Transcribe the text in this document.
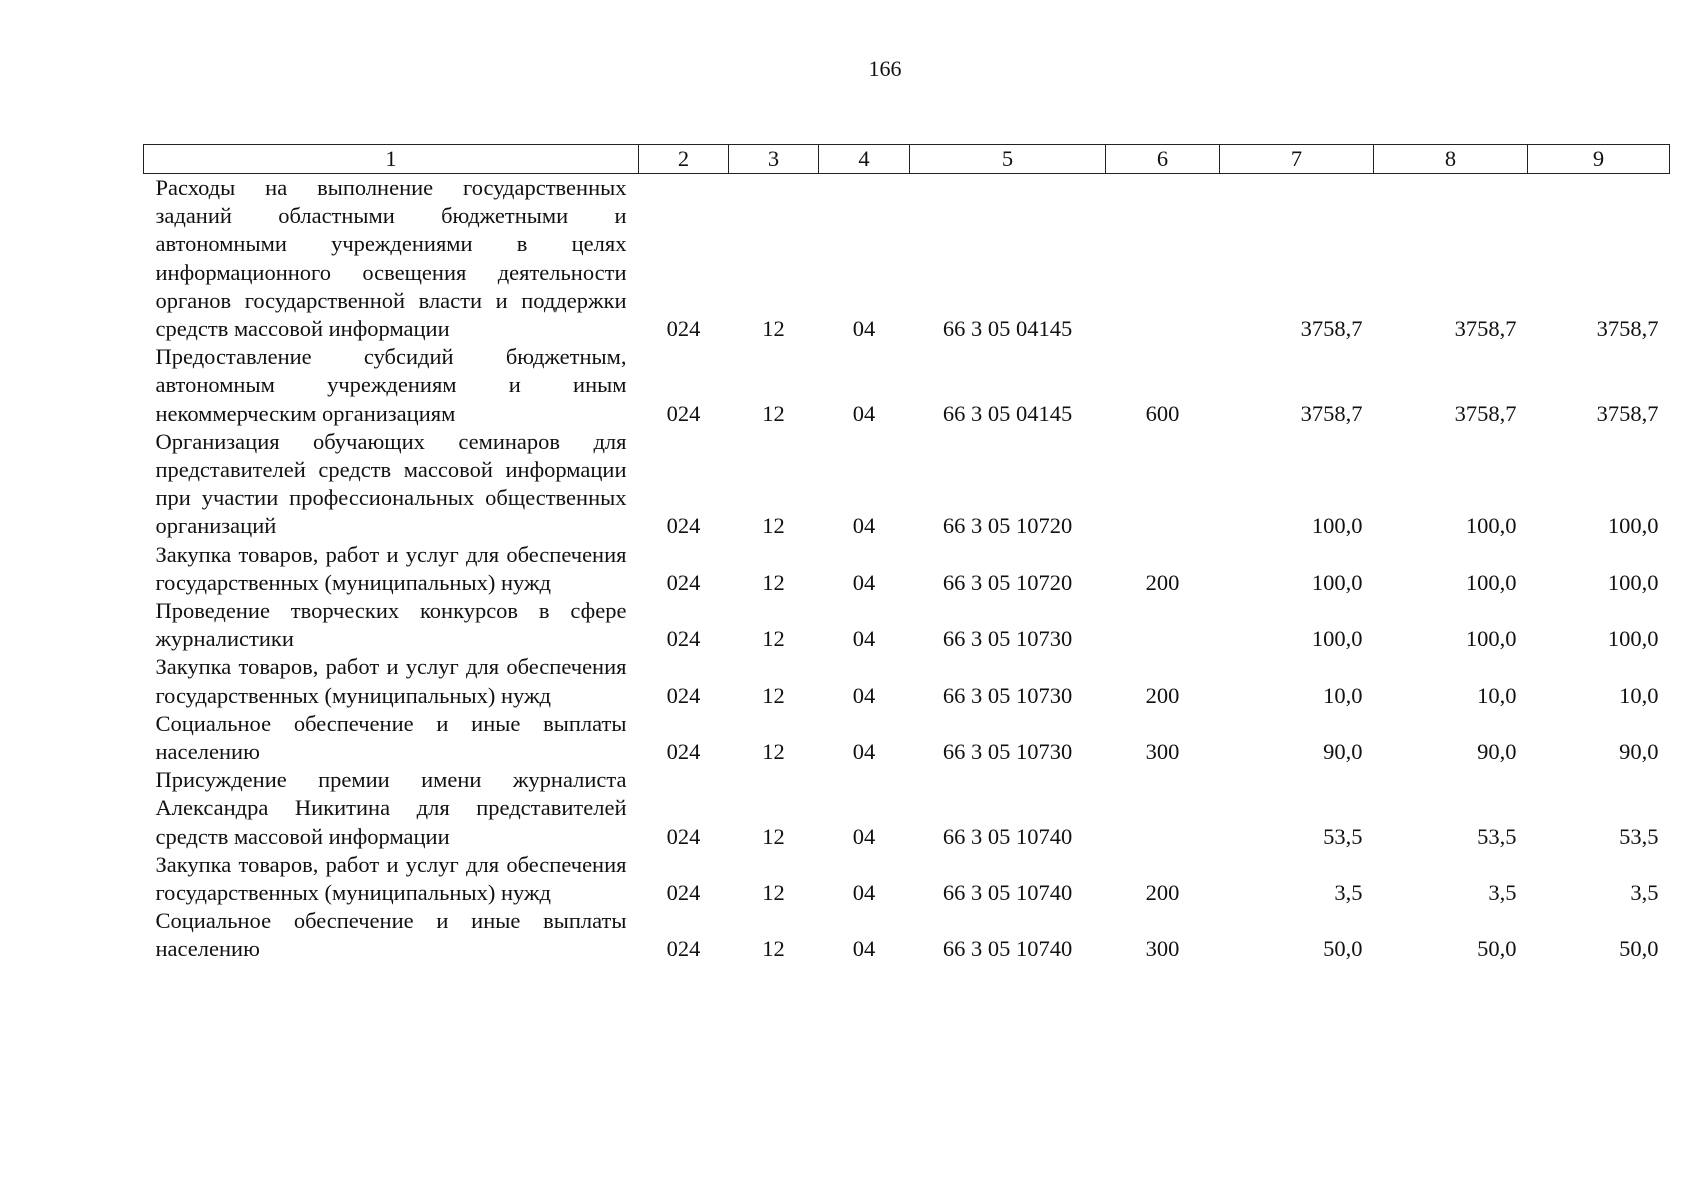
166
1	2	3	4	5	6	7	8	9
Расходы на выполнение государственных заданий областными бюджетными и автономными учреждениями в целях информационного освещения деятельности органов государственной власти и поддержки средств массовой информации	024	12	04	66 3 05 04145		3758,7	3758,7	3758,7
Предоставление субсидий бюджетным, автономным учреждениям и иным некоммерческим организациям	024	12	04	66 3 05 04145	600	3758,7	3758,7	3758,7
Организация обучающих семинаров для представителей средств массовой информации при участии профессиональных общественных организаций	024	12	04	66 3 05 10720		100,0	100,0	100,0
Закупка товаров, работ и услуг для обеспечения государственных (муниципальных) нужд	024	12	04	66 3 05 10720	200	100,0	100,0	100,0
Проведение творческих конкурсов в сфере журналистики	024	12	04	66 3 05 10730		100,0	100,0	100,0
Закупка товаров, работ и услуг для обеспечения государственных (муниципальных) нужд	024	12	04	66 3 05 10730	200	10,0	10,0	10,0
Социальное обеспечение и иные выплаты населению	024	12	04	66 3 05 10730	300	90,0	90,0	90,0
Присуждение премии имени журналиста Александра Никитина для представителей средств массовой информации	024	12	04	66 3 05 10740		53,5	53,5	53,5
Закупка товаров, работ и услуг для обеспечения государственных (муниципальных) нужд	024	12	04	66 3 05 10740	200	3,5	3,5	3,5
Социальное обеспечение и иные выплаты населению	024	12	04	66 3 05 10740	300	50,0	50,0	50,0
